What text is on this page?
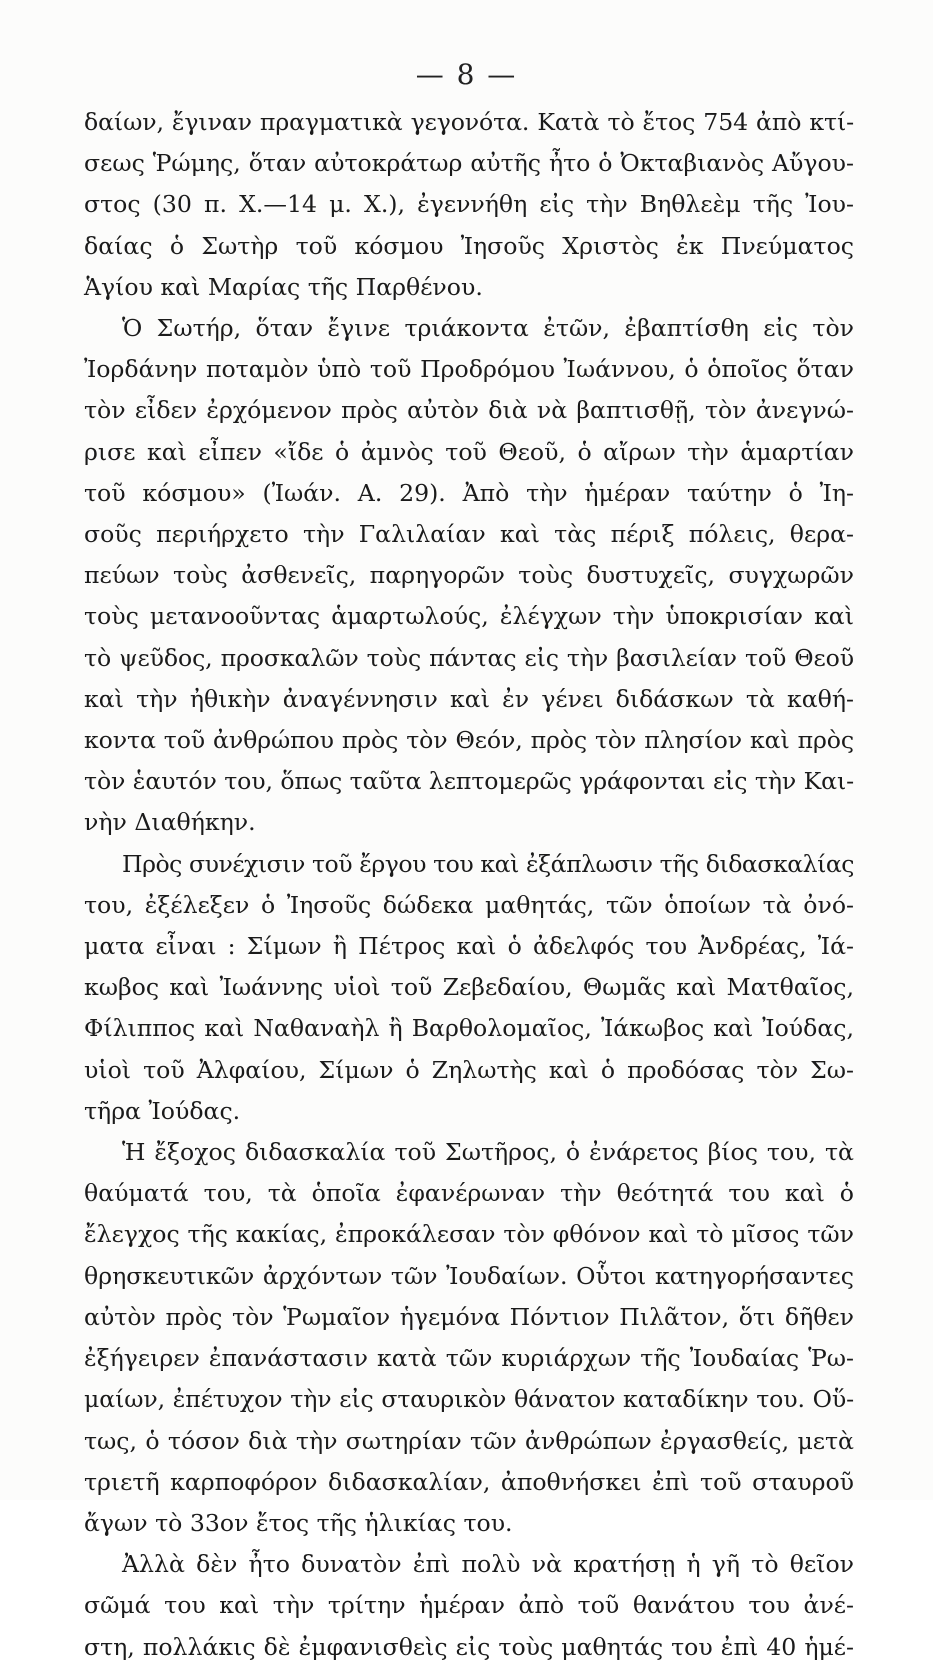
— 8 —

δαίων, ἔγιναν πραγματικὰ γεγονότα. Κατὰ τὸ ἔτος 754 ἀπὸ κτί-
σεως Ῥώμης, ὅταν αὐτοκράτωρ αὐτῆς ἦτο ὁ Ὀκταβιανὸς Αὔγου-
στος (30 π. Χ.—14 μ. Χ.), ἐγεννήθη εἰς τὴν Βηθλεὲμ τῆς Ἰου-
δαίας ὁ Σωτὴρ τοῦ κόσμου Ἰησοῦς Χριστὸς ἐκ Πνεύματος
Ἁγίου καὶ Μαρίας τῆς Παρθένου.

Ὁ Σωτήρ, ὅταν ἔγινε τριάκοντα ἐτῶν, ἐβαπτίσθη εἰς τὸν
Ἰορδάνην ποταμὸν ὑπὸ τοῦ Προδρόμου Ἰωάννου, ὁ ὁποῖος ὅταν
τὸν εἶδεν ἐρχόμενον πρὸς αὐτὸν διὰ νὰ βαπτισθῇ, τὸν ἀνεγνώ-
ρισε καὶ εἶπεν «ἴδε ὁ ἀμνὸς τοῦ Θεοῦ, ὁ αἴρων τὴν ἁμαρτίαν
τοῦ κόσμου» (Ἰωάν. Α. 29). Ἀπὸ τὴν ἡμέραν ταύτην ὁ Ἰη-
σοῦς περιήρχετο τὴν Γαλιλαίαν καὶ τὰς πέριξ πόλεις, θερα-
πεύων τοὺς ἀσθενεῖς, παρηγορῶν τοὺς δυστυχεῖς, συγχωρῶν
τοὺς μετανοοῦντας ἁμαρτωλούς, ἐλέγχων τὴν ὑποκρισίαν καὶ
τὸ ψεῦδος, προσκαλῶν τοὺς πάντας εἰς τὴν βασιλείαν τοῦ Θεοῦ
καὶ τὴν ἠθικὴν ἀναγέννησιν καὶ ἐν γένει διδάσκων τὰ καθή-
κοντα τοῦ ἀνθρώπου πρὸς τὸν Θεόν, πρὸς τὸν πλησίον καὶ πρὸς
τὸν ἑαυτόν του, ὅπως ταῦτα λεπτομερῶς γράφονται εἰς τὴν Και-
νὴν Διαθήκην.

Πρὸς συνέχισιν τοῦ ἔργου του καὶ ἐξάπλωσιν τῆς διδασκαλίας
του, ἐξέλεξεν ὁ Ἰησοῦς δώδεκα μαθητάς, τῶν ὁποίων τὰ ὀνό-
ματα εἶναι : Σίμων ἢ Πέτρος καὶ ὁ ἀδελφός του Ἀνδρέας, Ἰά-
κωβος καὶ Ἰωάννης υἱοὶ τοῦ Ζεβεδαίου, Θωμᾶς καὶ Ματθαῖος,
Φίλιππος καὶ Ναθαναὴλ ἢ Βαρθολομαῖος, Ἰάκωβος καὶ Ἰούδας,
υἱοὶ τοῦ Ἀλφαίου, Σίμων ὁ Ζηλωτὴς καὶ ὁ προδόσας τὸν Σω-
τῆρα Ἰούδας.

Ἡ ἔξοχος διδασκαλία τοῦ Σωτῆρος, ὁ ἐνάρετος βίος του, τὰ
θαύματά του, τὰ ὁποῖα ἐφανέρωναν τὴν θεότητά του καὶ ὁ
ἔλεγχος τῆς κακίας, ἐπροκάλεσαν τὸν φθόνον καὶ τὸ μῖσος τῶν
θρησκευτικῶν ἀρχόντων τῶν Ἰουδαίων. Οὗτοι κατηγορήσαντες
αὐτὸν πρὸς τὸν Ῥωμαῖον ἡγεμόνα Πόντιον Πιλᾶτον, ὅτι δῆθεν
ἐξήγειρεν ἐπανάστασιν κατὰ τῶν κυριάρχων τῆς Ἰουδαίας Ῥω-
μαίων, ἐπέτυχον τὴν εἰς σταυρικὸν θάνατον καταδίκην του. Οὕ-
τως, ὁ τόσον διὰ τὴν σωτηρίαν τῶν ἀνθρώπων ἐργασθείς, μετὰ
τριετῆ καρποφόρον διδασκαλίαν, ἀποθνήσκει ἐπὶ τοῦ σταυροῦ
ἄγων τὸ 33ον ἔτος τῆς ἡλικίας του.

Ἀλλὰ δὲν ἦτο δυνατὸν ἐπὶ πολὺ νὰ κρατήσῃ ἡ γῆ τὸ θεῖον
σῶμά του καὶ τὴν τρίτην ἡμέραν ἀπὸ τοῦ θανάτου του ἀνέ-
στη, πολλάκις δὲ ἐμφανισθεὶς εἰς τοὺς μαθητάς του ἐπὶ 40 ἡμέ-
